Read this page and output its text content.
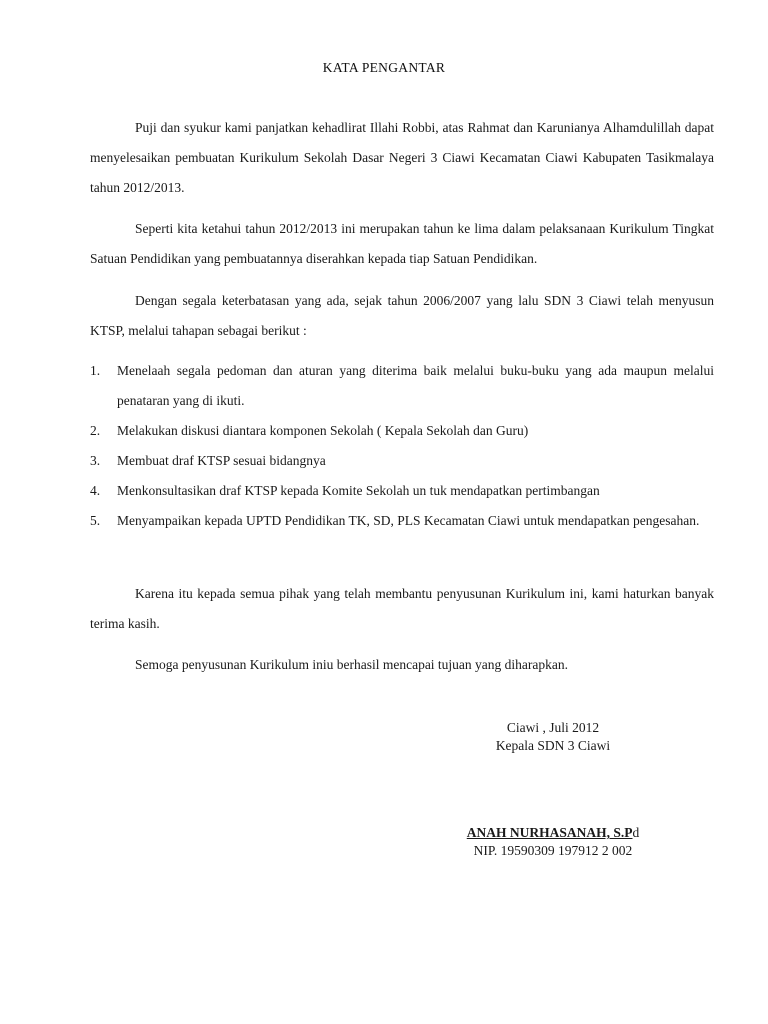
KATA PENGANTAR

Puji dan syukur kami panjatkan kehadlirat Illahi Robbi, atas Rahmat dan Karunianya Alhamdulillah dapat menyelesaikan pembuatan Kurikulum Sekolah Dasar Negeri 3 Ciawi Kecamatan Ciawi Kabupaten Tasikmalaya tahun 2012/2013.

Seperti kita ketahui tahun 2012/2013 ini merupakan tahun ke lima dalam pelaksanaan Kurikulum Tingkat Satuan Pendidikan yang pembuatannya diserahkan kepada tiap Satuan Pendidikan.

Dengan segala keterbatasan yang ada, sejak tahun 2006/2007 yang lalu SDN 3 Ciawi telah menyusun KTSP, melalui tahapan sebagai berikut :

1. Menelaah segala pedoman dan aturan yang diterima baik melalui buku-buku yang ada maupun melalui penataran yang di ikuti.
2. Melakukan diskusi diantara komponen Sekolah ( Kepala Sekolah dan Guru)
3. Membuat draf KTSP sesuai bidangnya
4. Menkonsultasikan draf KTSP kepada Komite Sekolah un tuk mendapatkan pertimbangan
5. Menyampaikan kepada UPTD Pendidikan TK, SD, PLS Kecamatan Ciawi untuk mendapatkan pengesahan.

Karena itu kepada semua pihak yang telah membantu penyusunan Kurikulum ini, kami haturkan banyak terima kasih.

Semoga penyusunan Kurikulum iniu berhasil mencapai tujuan yang diharapkan.

Ciawi , Juli 2012
Kepala SDN 3 Ciawi
ANAH NURHASANAH, S.Pd
NIP. 19590309 197912 2 002
